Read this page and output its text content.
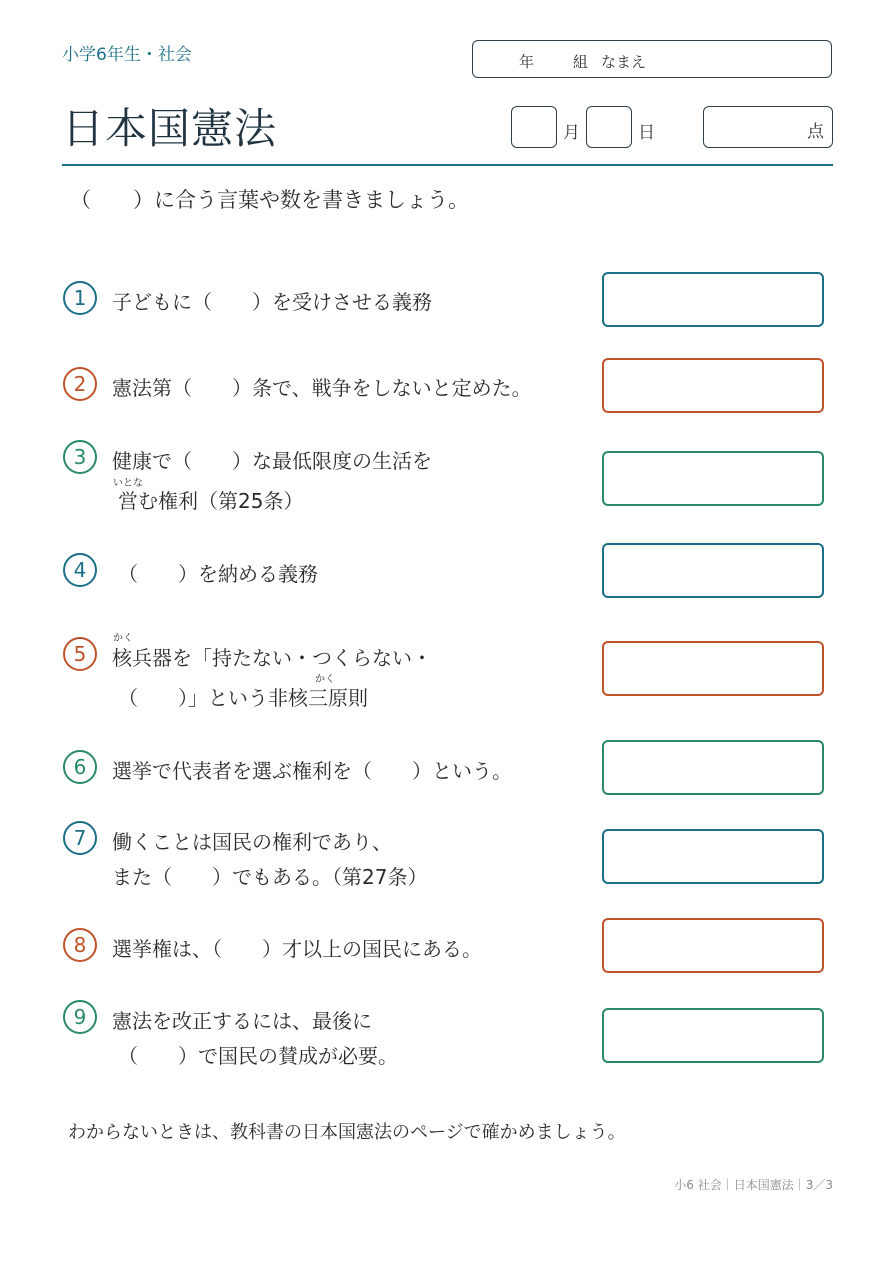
小学6年生・社会	年	組 なまえ
日本国憲法	月	日	点
（　　）に合う言葉や数を書きましょう。
1	子どもに（　　）を受けさせる義務
2	憲法第（　　）条で、戦争をしないと定めた。
3	健康で（　　）な最低限度の生活を
いとな
営む権利（第25条）
4	（　　）を納める義務
かく
5	核兵器を「持たない・つくらない・
かく
（　　）」という非核三原則
6	選挙で代表者を選ぶ権利を（　　）という。
7	働くことは国民の権利であり、
また（　　）でもある。（第27条）
8	選挙権は、（　　）才以上の国民にある。
9	憲法を改正するには、最後に
（　　）で国民の賛成が必要。
わからないときは、教科書の日本国憲法のページで確かめましょう。
小6 社会｜日本国憲法｜3／3
